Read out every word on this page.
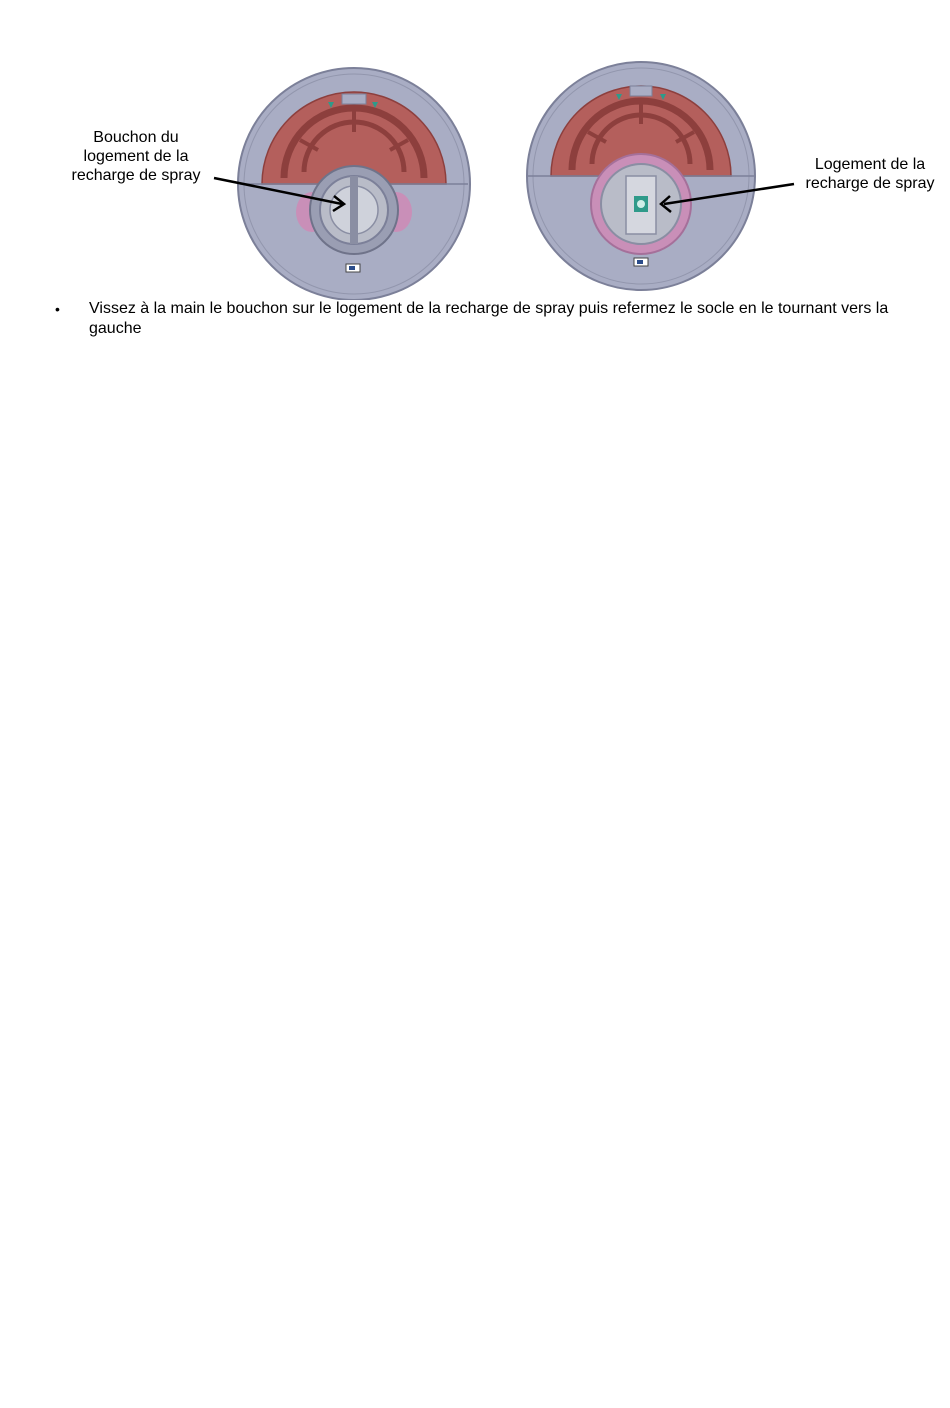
Bouchon du
logement de la
recharge de spray
Logement de la
recharge de spray
• Vissez à la main le bouchon sur le logement de la recharge de spray puis refermez le socle en le tournant vers la gauche
